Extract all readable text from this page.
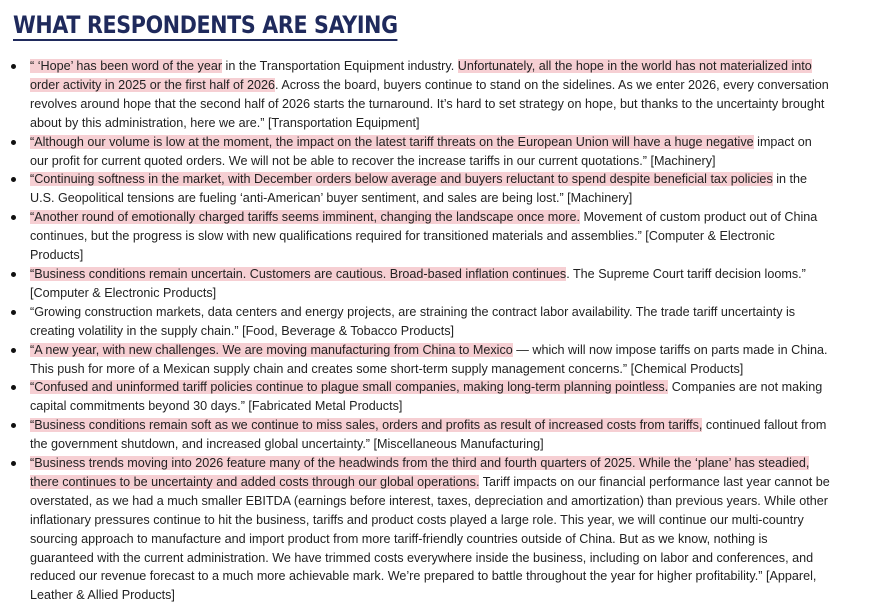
WHAT RESPONDENTS ARE SAYING
“ ‘Hope’ has been word of the year in the Transportation Equipment industry. Unfortunately, all the hope in the world has not materialized into order activity in 2025 or the first half of 2026. Across the board, buyers continue to stand on the sidelines. As we enter 2026, every conversation revolves around hope that the second half of 2026 starts the turnaround. It’s hard to set strategy on hope, but thanks to the uncertainty brought about by this administration, here we are.” [Transportation Equipment]
“Although our volume is low at the moment, the impact on the latest tariff threats on the European Union will have a huge negative impact on our profit for current quoted orders. We will not be able to recover the increase tariffs in our current quotations.” [Machinery]
“Continuing softness in the market, with December orders below average and buyers reluctant to spend despite beneficial tax policies in the U.S. Geopolitical tensions are fueling ‘anti-American’ buyer sentiment, and sales are being lost.” [Machinery]
“Another round of emotionally charged tariffs seems imminent, changing the landscape once more. Movement of custom product out of China continues, but the progress is slow with new qualifications required for transitioned materials and assemblies.” [Computer & Electronic Products]
“Business conditions remain uncertain. Customers are cautious. Broad-based inflation continues. The Supreme Court tariff decision looms.” [Computer & Electronic Products]
“Growing construction markets, data centers and energy projects, are straining the contract labor availability. The trade tariff uncertainty is creating volatility in the supply chain.” [Food, Beverage & Tobacco Products]
“A new year, with new challenges. We are moving manufacturing from China to Mexico — which will now impose tariffs on parts made in China. This push for more of a Mexican supply chain and creates some short-term supply management concerns.” [Chemical Products]
“Confused and uninformed tariff policies continue to plague small companies, making long-term planning pointless. Companies are not making capital commitments beyond 30 days.” [Fabricated Metal Products]
“Business conditions remain soft as we continue to miss sales, orders and profits as result of increased costs from tariffs, continued fallout from the government shutdown, and increased global uncertainty.” [Miscellaneous Manufacturing]
“Business trends moving into 2026 feature many of the headwinds from the third and fourth quarters of 2025. While the ‘plane’ has steadied, there continues to be uncertainty and added costs through our global operations. Tariff impacts on our financial performance last year cannot be overstated, as we had a much smaller EBITDA (earnings before interest, taxes, depreciation and amortization) than previous years. While other inflationary pressures continue to hit the business, tariffs and product costs played a large role. This year, we will continue our multi-country sourcing approach to manufacture and import product from more tariff-friendly countries outside of China. But as we know, nothing is guaranteed with the current administration. We have trimmed costs everywhere inside the business, including on labor and conferences, and reduced our revenue forecast to a much more achievable mark. We’re prepared to battle throughout the year for higher profitability.” [Apparel, Leather & Allied Products]
